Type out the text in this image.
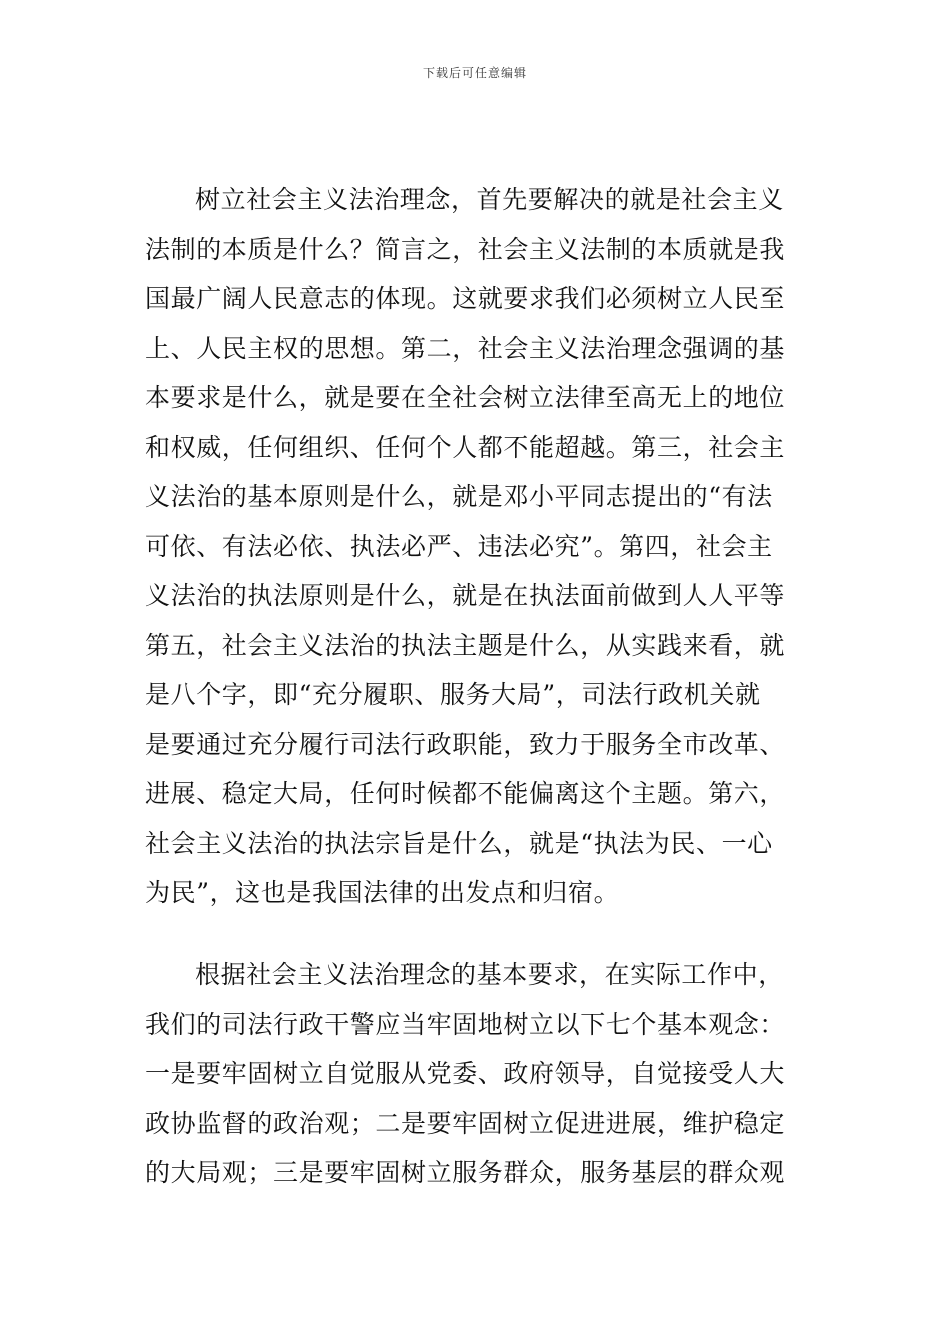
下载后可任意编辑
树立社会主义法治理念，首先要解决的就是社会主义
法制的本质是什么？简言之，社会主义法制的本质就是我
国最广阔人民意志的体现。这就要求我们必须树立人民至
上、人民主权的思想。第二，社会主义法治理念强调的基
本要求是什么，就是要在全社会树立法律至高无上的地位
和权威，任何组织、任何个人都不能超越。第三，社会主
义法治的基本原则是什么，就是邓小平同志提出的“有法
可依、有法必依、执法必严、违法必究”。第四，社会主
义法治的执法原则是什么，就是在执法面前做到人人平等
第五，社会主义法治的执法主题是什么，从实践来看，就
是八个字，即“充分履职、服务大局”，司法行政机关就
是要通过充分履行司法行政职能，致力于服务全市改革、
进展、稳定大局，任何时候都不能偏离这个主题。第六，
社会主义法治的执法宗旨是什么，就是“执法为民、一心
为民”，这也是我国法律的出发点和归宿。
根据社会主义法治理念的基本要求，在实际工作中，
我们的司法行政干警应当牢固地树立以下七个基本观念：
一是要牢固树立自觉服从党委、政府领导，自觉接受人大
政协监督的政治观；二是要牢固树立促进进展，维护稳定
的大局观；三是要牢固树立服务群众，服务基层的群众观
